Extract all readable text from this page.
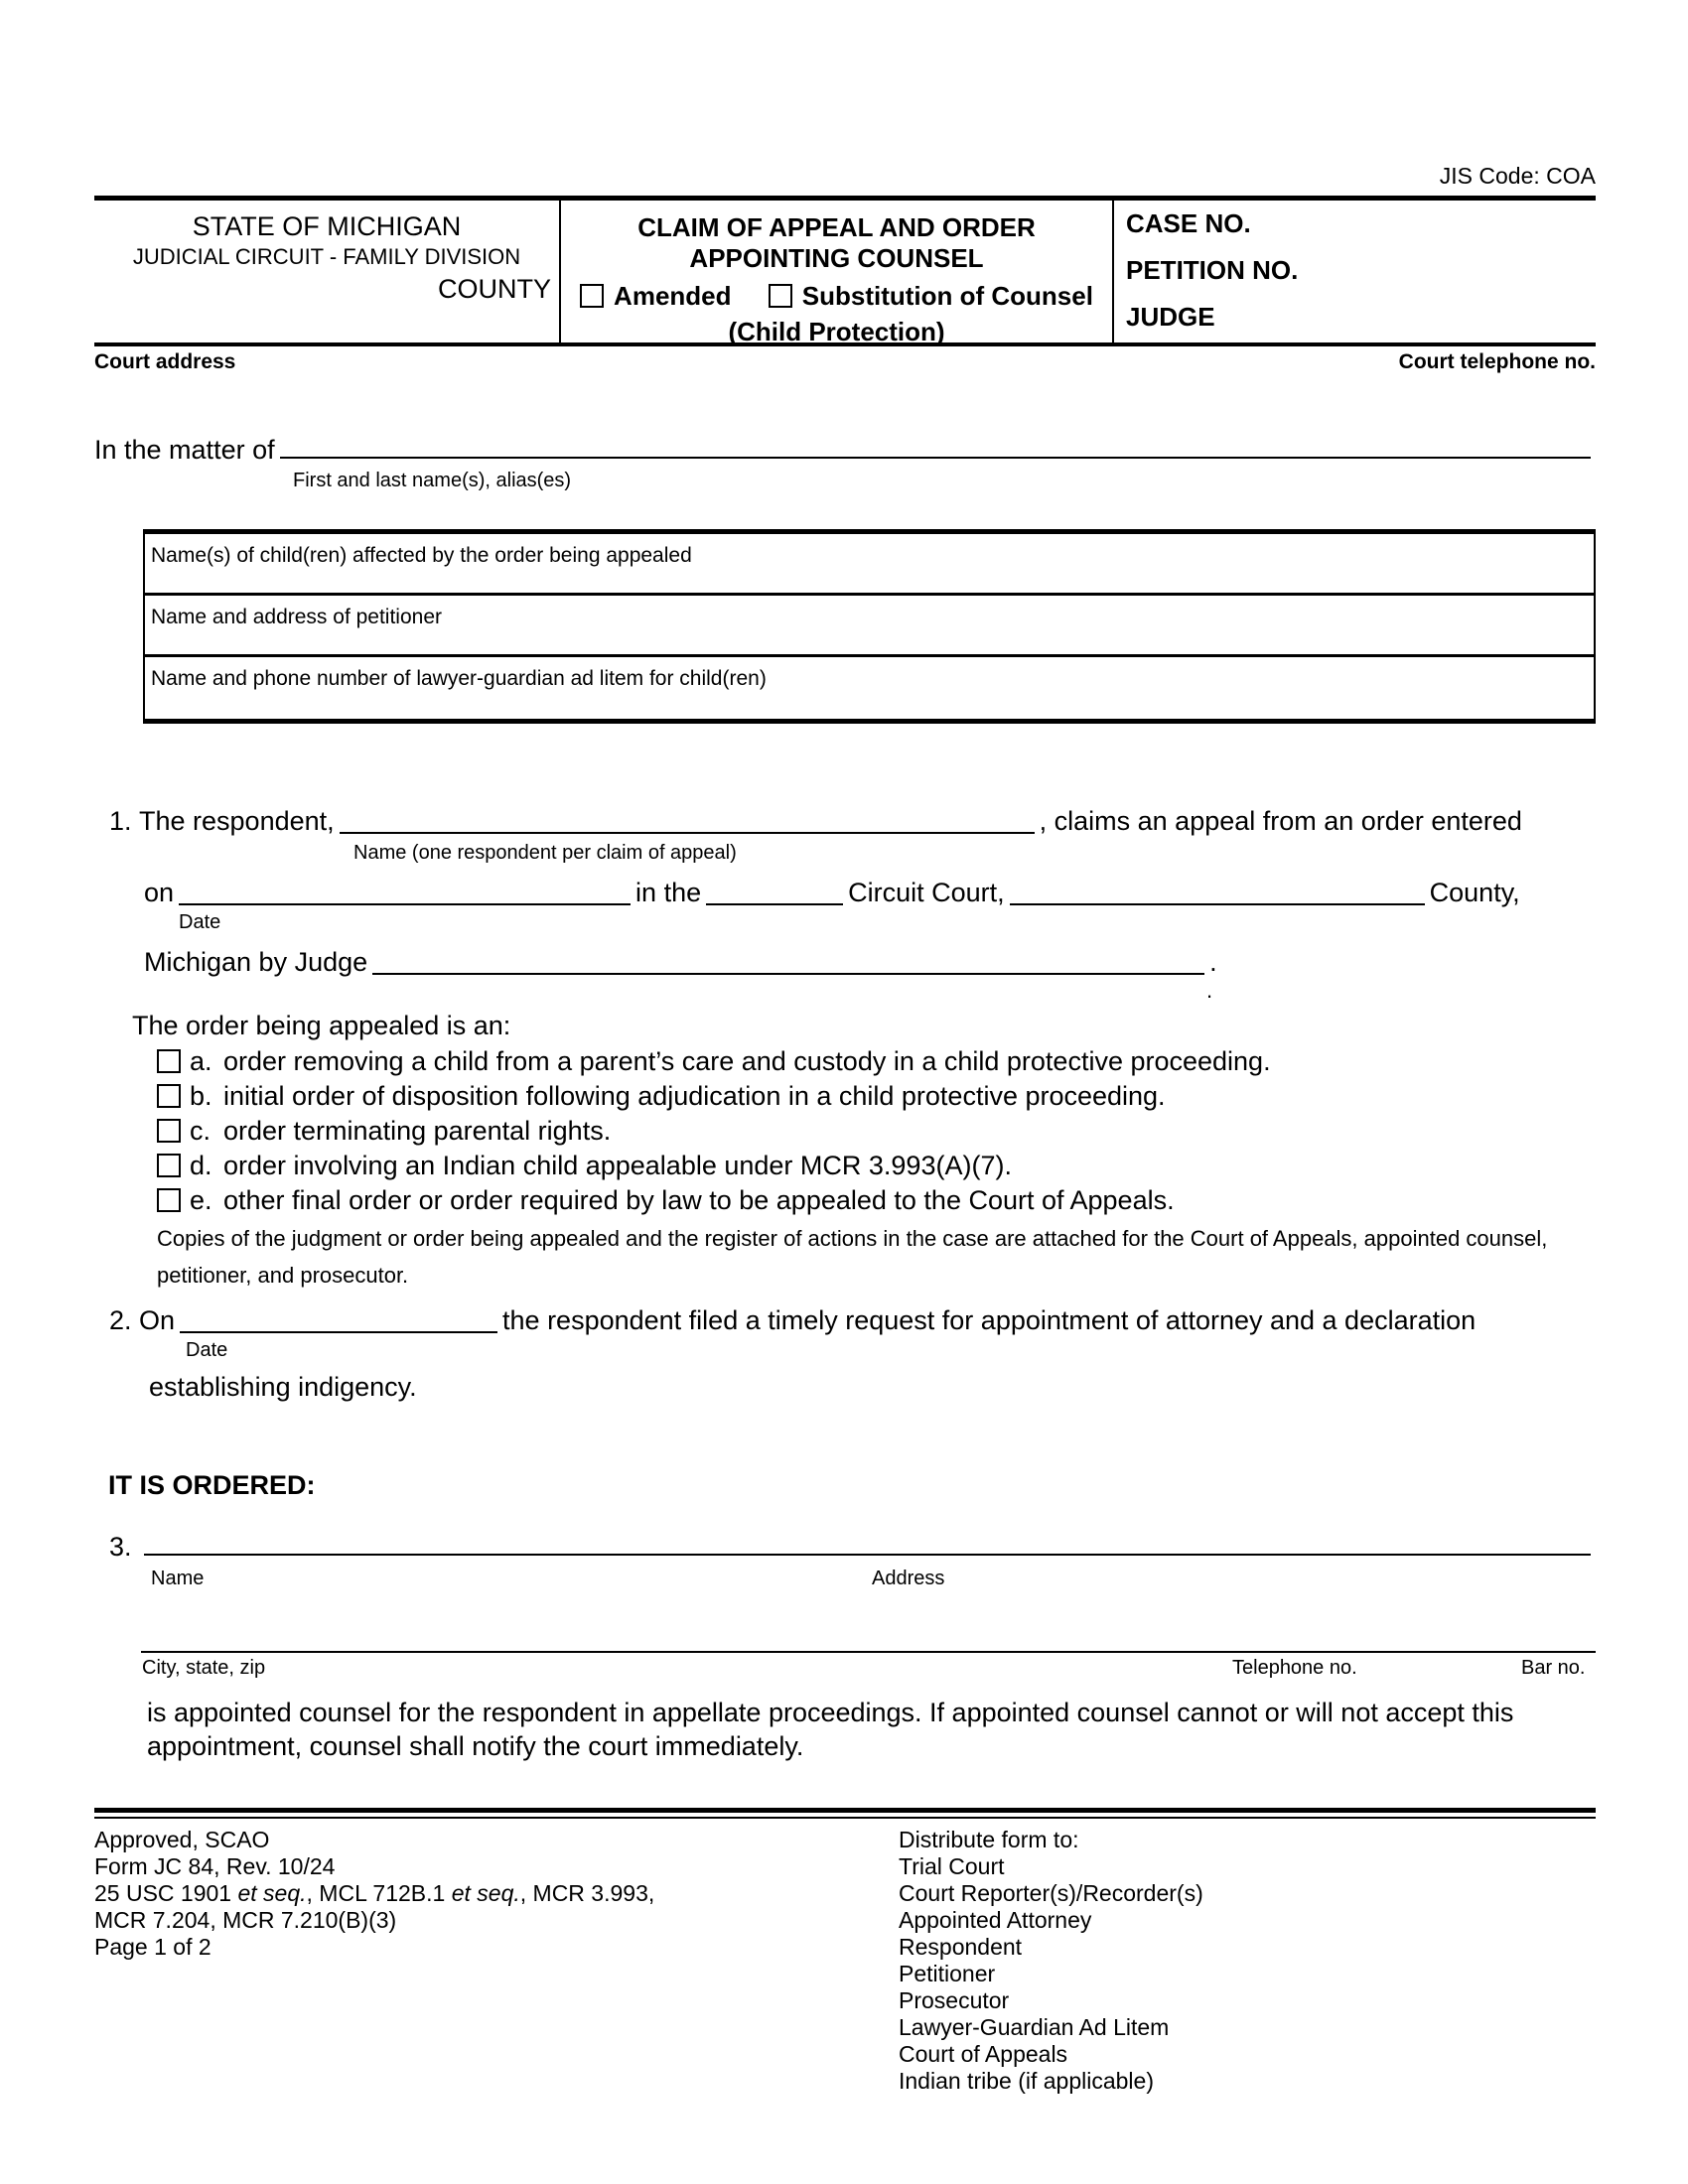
JIS Code: COA
STATE OF MICHIGAN
JUDICIAL CIRCUIT - FAMILY DIVISION
COUNTY
CLAIM OF APPEAL AND ORDER
APPOINTING COUNSEL
Amended	Substitution of Counsel
(Child Protection)
CASE NO.
PETITION NO.
JUDGE
Court address	Court telephone no.
In the matter of
First and last name(s), alias(es)
Name(s) of child(ren) affected by the order being appealed
Name and address of petitioner
Name and phone number of lawyer-guardian ad litem for child(ren)
1. The respondent,	, claims an appeal from an order entered
Name (one respondent per claim of appeal)
on	in the	Circuit Court,	County,
Date
Michigan by Judge	.
.
The order being appealed is an:
a. order removing a child from a parent’s care and custody in a child protective proceeding.
b. initial order of disposition following adjudication in a child protective proceeding.
c. order terminating parental rights.
d. order involving an Indian child appealable under MCR 3.993(A)(7).
e. other final order or order required by law to be appealed to the Court of Appeals.
Copies of the judgment or order being appealed and the register of actions in the case are attached for the Court of Appeals, appointed counsel,
petitioner, and prosecutor.
2. On	the respondent filed a timely request for appointment of attorney and a declaration
Date
establishing indigency.
IT IS ORDERED:
3.
Name	Address
City, state, zip	Telephone no.	Bar no.
is appointed counsel for the respondent in appellate proceedings. If appointed counsel cannot or will not accept this
appointment, counsel shall notify the court immediately.
Approved, SCAO
Form JC 84, Rev. 10/24
25 USC 1901 et seq., MCL 712B.1 et seq., MCR 3.993,
MCR 7.204, MCR 7.210(B)(3)
Page 1 of 2
Distribute form to:
Trial Court
Court Reporter(s)/Recorder(s)
Appointed Attorney
Respondent
Petitioner
Prosecutor
Lawyer-Guardian Ad Litem
Court of Appeals
Indian tribe (if applicable)
